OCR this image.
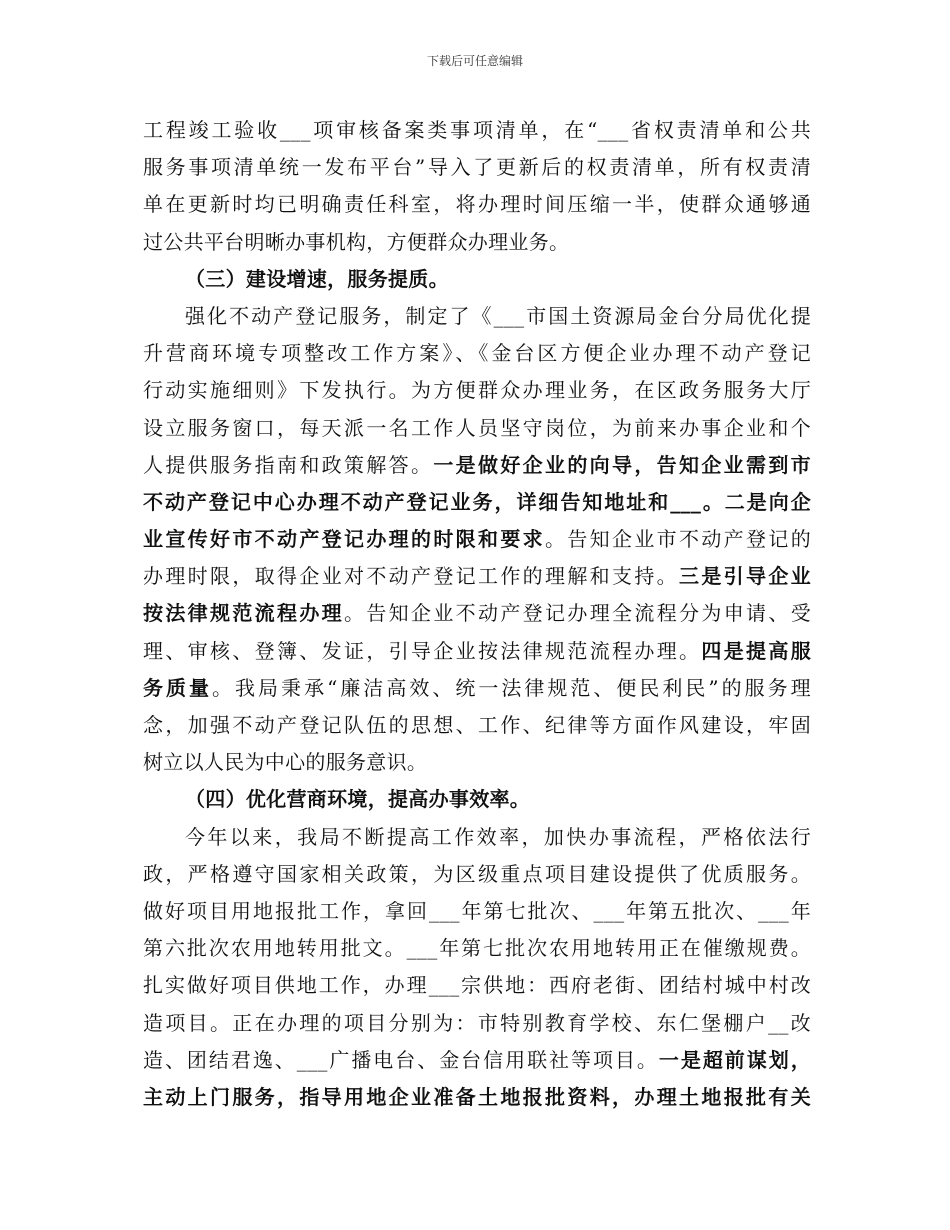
下载后可任意编辑
工程竣工验收___项审核备案类事项清单，在“___省权责清单和公共
服务事项清单统一发布平台”导入了更新后的权责清单，所有权责清
单在更新时均已明确责任科室，将办理时间压缩一半，使群众通够通
过公共平台明晰办事机构，方便群众办理业务。
（三）建设增速，服务提质。
强化不动产登记服务，制定了《___市国土资源局金台分局优化提
升营商环境专项整改工作方案》、《金台区方便企业办理不动产登记
行动实施细则》下发执行。为方便群众办理业务，在区政务服务大厅
设立服务窗口，每天派一名工作人员坚守岗位，为前来办事企业和个
人提供服务指南和政策解答。一是做好企业的向导，告知企业需到市
不动产登记中心办理不动产登记业务，详细告知地址和___。二是向企
业宣传好市不动产登记办理的时限和要求。告知企业市不动产登记的
办理时限，取得企业对不动产登记工作的理解和支持。三是引导企业
按法律规范流程办理。告知企业不动产登记办理全流程分为申请、受
理、审核、登簿、发证，引导企业按法律规范流程办理。四是提高服
务质量。我局秉承“廉洁高效、统一法律规范、便民利民”的服务理
念，加强不动产登记队伍的思想、工作、纪律等方面作风建设，牢固
树立以人民为中心的服务意识。
（四）优化营商环境，提高办事效率。
今年以来，我局不断提高工作效率，加快办事流程，严格依法行
政，严格遵守国家相关政策，为区级重点项目建设提供了优质服务。
做好项目用地报批工作，拿回___年第七批次、___年第五批次、___年
第六批次农用地转用批文。___年第七批次农用地转用正在催缴规费。
扎实做好项目供地工作，办理___宗供地：西府老街、团结村城中村改
造项目。正在办理的项目分别为：市特别教育学校、东仁堡棚户__改
造、团结君逸、___广播电台、金台信用联社等项目。一是超前谋划，
主动上门服务，指导用地企业准备土地报批资料，办理土地报批有关
